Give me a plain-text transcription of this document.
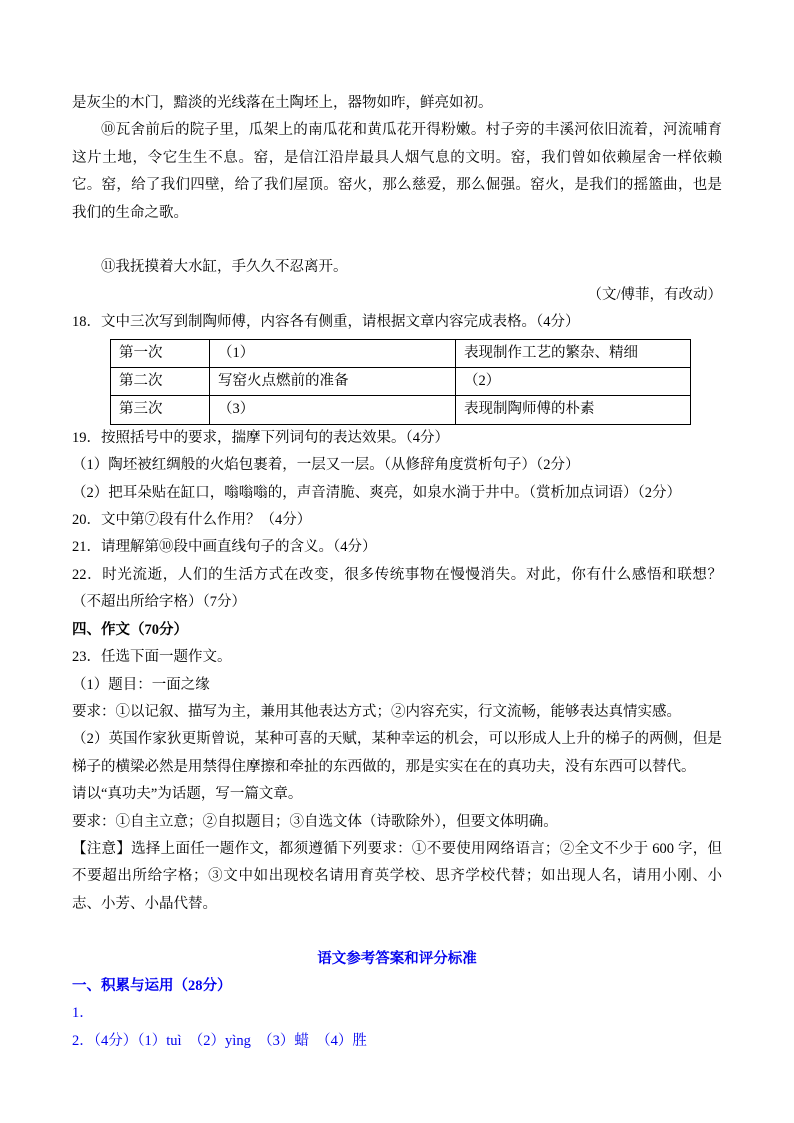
是灰尘的木门，黯淡的光线落在土陶坯上，器物如昨，鲜亮如初。

⑩瓦舍前后的院子里，瓜架上的南瓜花和黄瓜花开得粉嫩。村子旁的丰溪河依旧流着，河流哺育这片土地，令它生生不息。窑，是信江沿岸最具人烟气息的文明。窑，我们曾如依赖屋舍一样依赖它。窑，给了我们四壁，给了我们屋顶。窑火，那么慈爱，那么倔强。窑火，是我们的摇篮曲，也是我们的生命之歌。

⑪我抚摸着大水缸，手久久不忍离开。

（文/傅菲，有改动）

18．文中三次写到制陶师傅，内容各有侧重，请根据文章内容完成表格。（4分）

第一次	（1）	表现制作工艺的繁杂、精细
第二次	写窑火点燃前的准备	（2）
第三次	（3）	表现制陶师傅的朴素

19．按照括号中的要求，揣摩下列词句的表达效果。（4分）

（1）陶坯被红绸般的火焰包裹着，一层又一层。（从修辞角度赏析句子）（2分）

（2）把耳朵贴在缸口，嗡嗡嗡的，声音清脆、爽亮，如泉水淌于井中。（赏析加点词语）（2分）

20．文中第⑦段有什么作用？（4分）

21．请理解第⑩段中画直线句子的含义。（4分）

22．时光流逝，人们的生活方式在改变，很多传统事物在慢慢消失。对此，你有什么感悟和联想？（不超出所给字格）（7分）

四、作文（70分）

23．任选下面一题作文。

（1）题目：一面之缘

要求：①以记叙、描写为主，兼用其他表达方式；②内容充实，行文流畅，能够表达真情实感。

（2）英国作家狄更斯曾说，某种可喜的天赋，某种幸运的机会，可以形成人上升的梯子的两侧，但是梯子的横梁必然是用禁得住摩擦和牵扯的东西做的，那是实实在在的真功夫，没有东西可以替代。

请以“真功夫”为话题，写一篇文章。

要求：①自主立意；②自拟题目；③自选文体（诗歌除外），但要文体明确。

【注意】选择上面任一题作文，都须遵循下列要求：①不要使用网络语言；②全文不少于 600 字，但不要超出所给字格；③文中如出现校名请用育英学校、思齐学校代替；如出现人名，请用小刚、小志、小芳、小晶代替。

语文参考答案和评分标准

一、积累与运用（28分）

1．

2．（4分）（1）tuì　（2）yìng　（3）蜡　（4）胜
